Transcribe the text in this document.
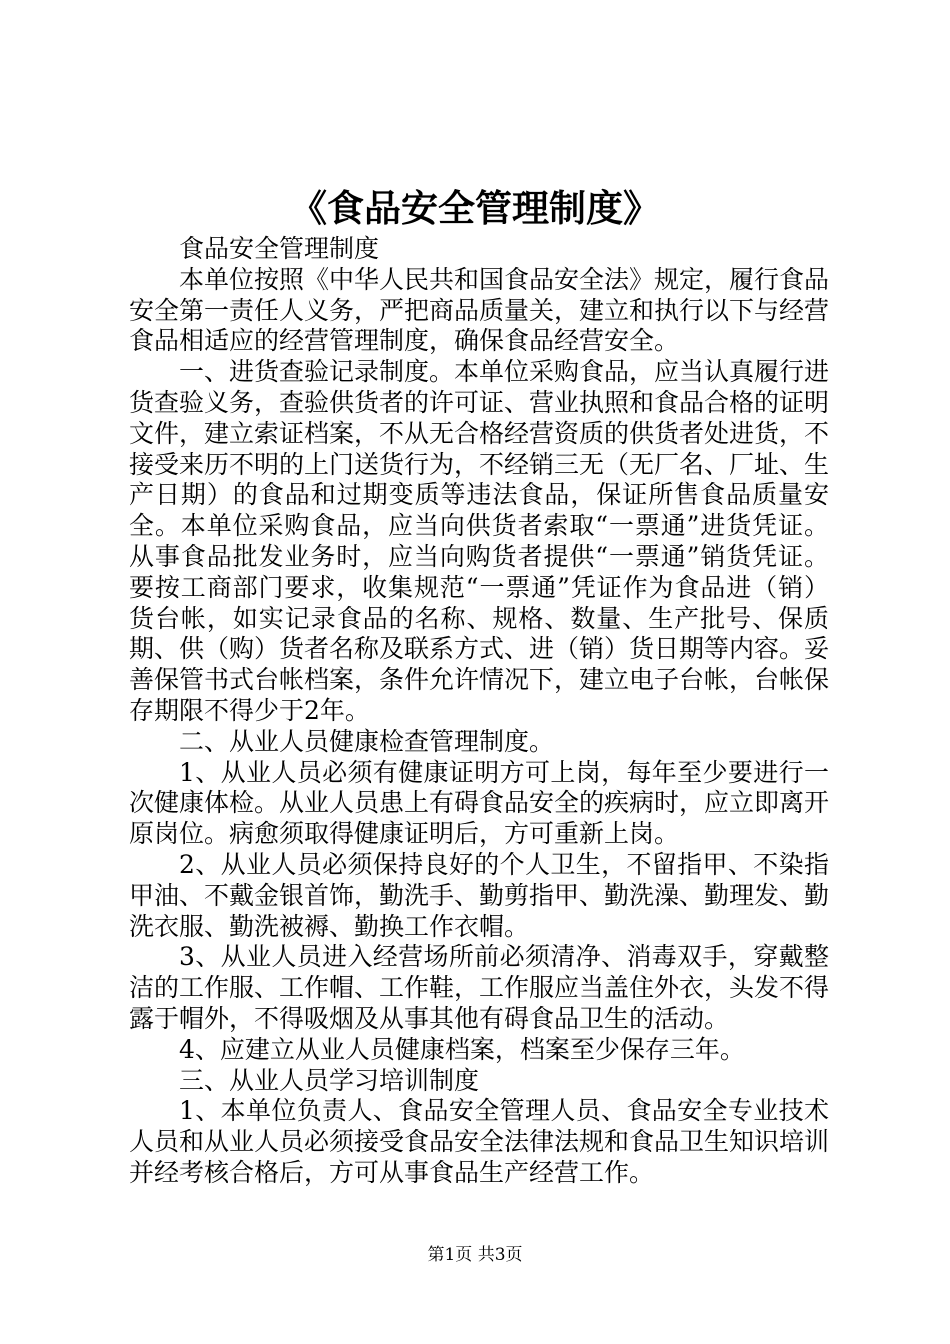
《食品安全管理制度》

食品安全管理制度

本单位按照《中华人民共和国食品安全法》规定，履行食品安全第一责任人义务，严把商品质量关，建立和执行以下与经营食品相适应的经营管理制度，确保食品经营安全。

一、进货查验记录制度。本单位采购食品，应当认真履行进货查验义务，查验供货者的许可证、营业执照和食品合格的证明文件，建立索证档案，不从无合格经营资质的供货者处进货，不接受来历不明的上门送货行为，不经销三无（无厂名、厂址、生产日期）的食品和过期变质等违法食品，保证所售食品质量安全。本单位采购食品，应当向供货者索取“一票通”进货凭证。从事食品批发业务时，应当向购货者提供“一票通”销货凭证。要按工商部门要求，收集规范“一票通”凭证作为食品进（销）货台帐，如实记录食品的名称、规格、数量、生产批号、保质期、供（购）货者名称及联系方式、进（销）货日期等内容。妥善保管书式台帐档案，条件允许情况下，建立电子台帐，台帐保存期限不得少于2年。

二、从业人员健康检查管理制度。

1、从业人员必须有健康证明方可上岗，每年至少要进行一次健康体检。从业人员患上有碍食品安全的疾病时，应立即离开原岗位。病愈须取得健康证明后，方可重新上岗。

2、从业人员必须保持良好的个人卫生，不留指甲、不染指甲油、不戴金银首饰，勤洗手、勤剪指甲、勤洗澡、勤理发、勤洗衣服、勤洗被褥、勤换工作衣帽。

3、从业人员进入经营场所前必须清净、消毒双手，穿戴整洁的工作服、工作帽、工作鞋，工作服应当盖住外衣，头发不得露于帽外，不得吸烟及从事其他有碍食品卫生的活动。

4、应建立从业人员健康档案，档案至少保存三年。

三、从业人员学习培训制度

1、本单位负责人、食品安全管理人员、食品安全专业技术人员和从业人员必须接受食品安全法律法规和食品卫生知识培训并经考核合格后，方可从事食品生产经营工作。

第1页 共3页
